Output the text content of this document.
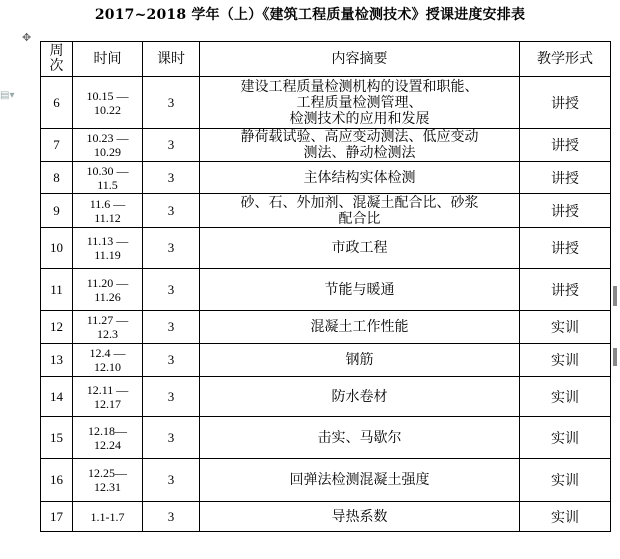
2017~2018 学年（上）《建筑工程质量检测技术》授课进度安排表
✥
▤▾
周
次	时间	课时	内容摘要	教学形式
6	10.15 —
10.22	3	建设工程质量检测机构的设置和职能、
工程质量检测管理、
检测技术的应用和发展	讲授
7	10.23 —
10.29	3	静荷载试验、高应变动测法、低应变动
测法、静动检测法	讲授
8	10.30 —
11.5	3	主体结构实体检测	讲授
9	11.6 —
11.12	3	砂、石、外加剂、混凝土配合比、砂浆
配合比	讲授
10	11.13 —
11.19	3	市政工程	讲授
11	11.20 —
11.26	3	节能与暖通	讲授
12	11.27 —
12.3	3	混凝土工作性能	实训
13	12.4 —
12.10	3	钢筋	实训
14	12.11 —
12.17	3	防水卷材	实训
15	12.18—
12.24	3	击实、马歇尔	实训
16	12.25—
12.31	3	回弹法检测混凝土强度	实训
17	1.1-1.7	3	导热系数	实训
